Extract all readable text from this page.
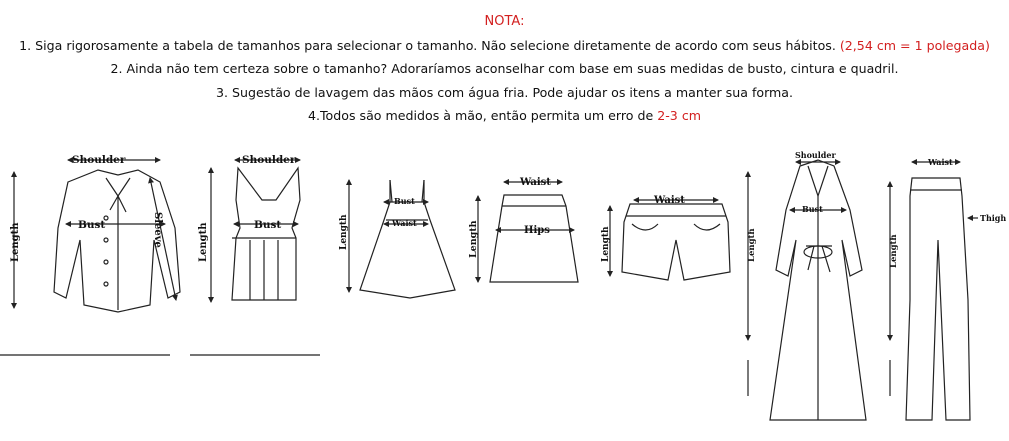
NOTA:
1. Siga rigorosamente a tabela de tamanhos para selecionar o tamanho. Não selecione diretamente de acordo com seus hábitos. (2,54 cm = 1 polegada)
2. Ainda não tem certeza sobre o tamanho? Adoraríamos aconselhar com base em suas medidas de busto, cintura e quadril.
3. Sugestão de lavagem das mãos com água fria. Pode ajudar os itens a manter sua forma.
4.Todos são medidos à mão, então permita um erro de 2-3 cm
Shoulder
Bust
Length	Sleeve
Shoulder
Bust
Length
Bust
Waist
Length
Waist
Hips
Length
Waist
Length
Shoulder
Bust
Length
Waist
Thigh
Length
